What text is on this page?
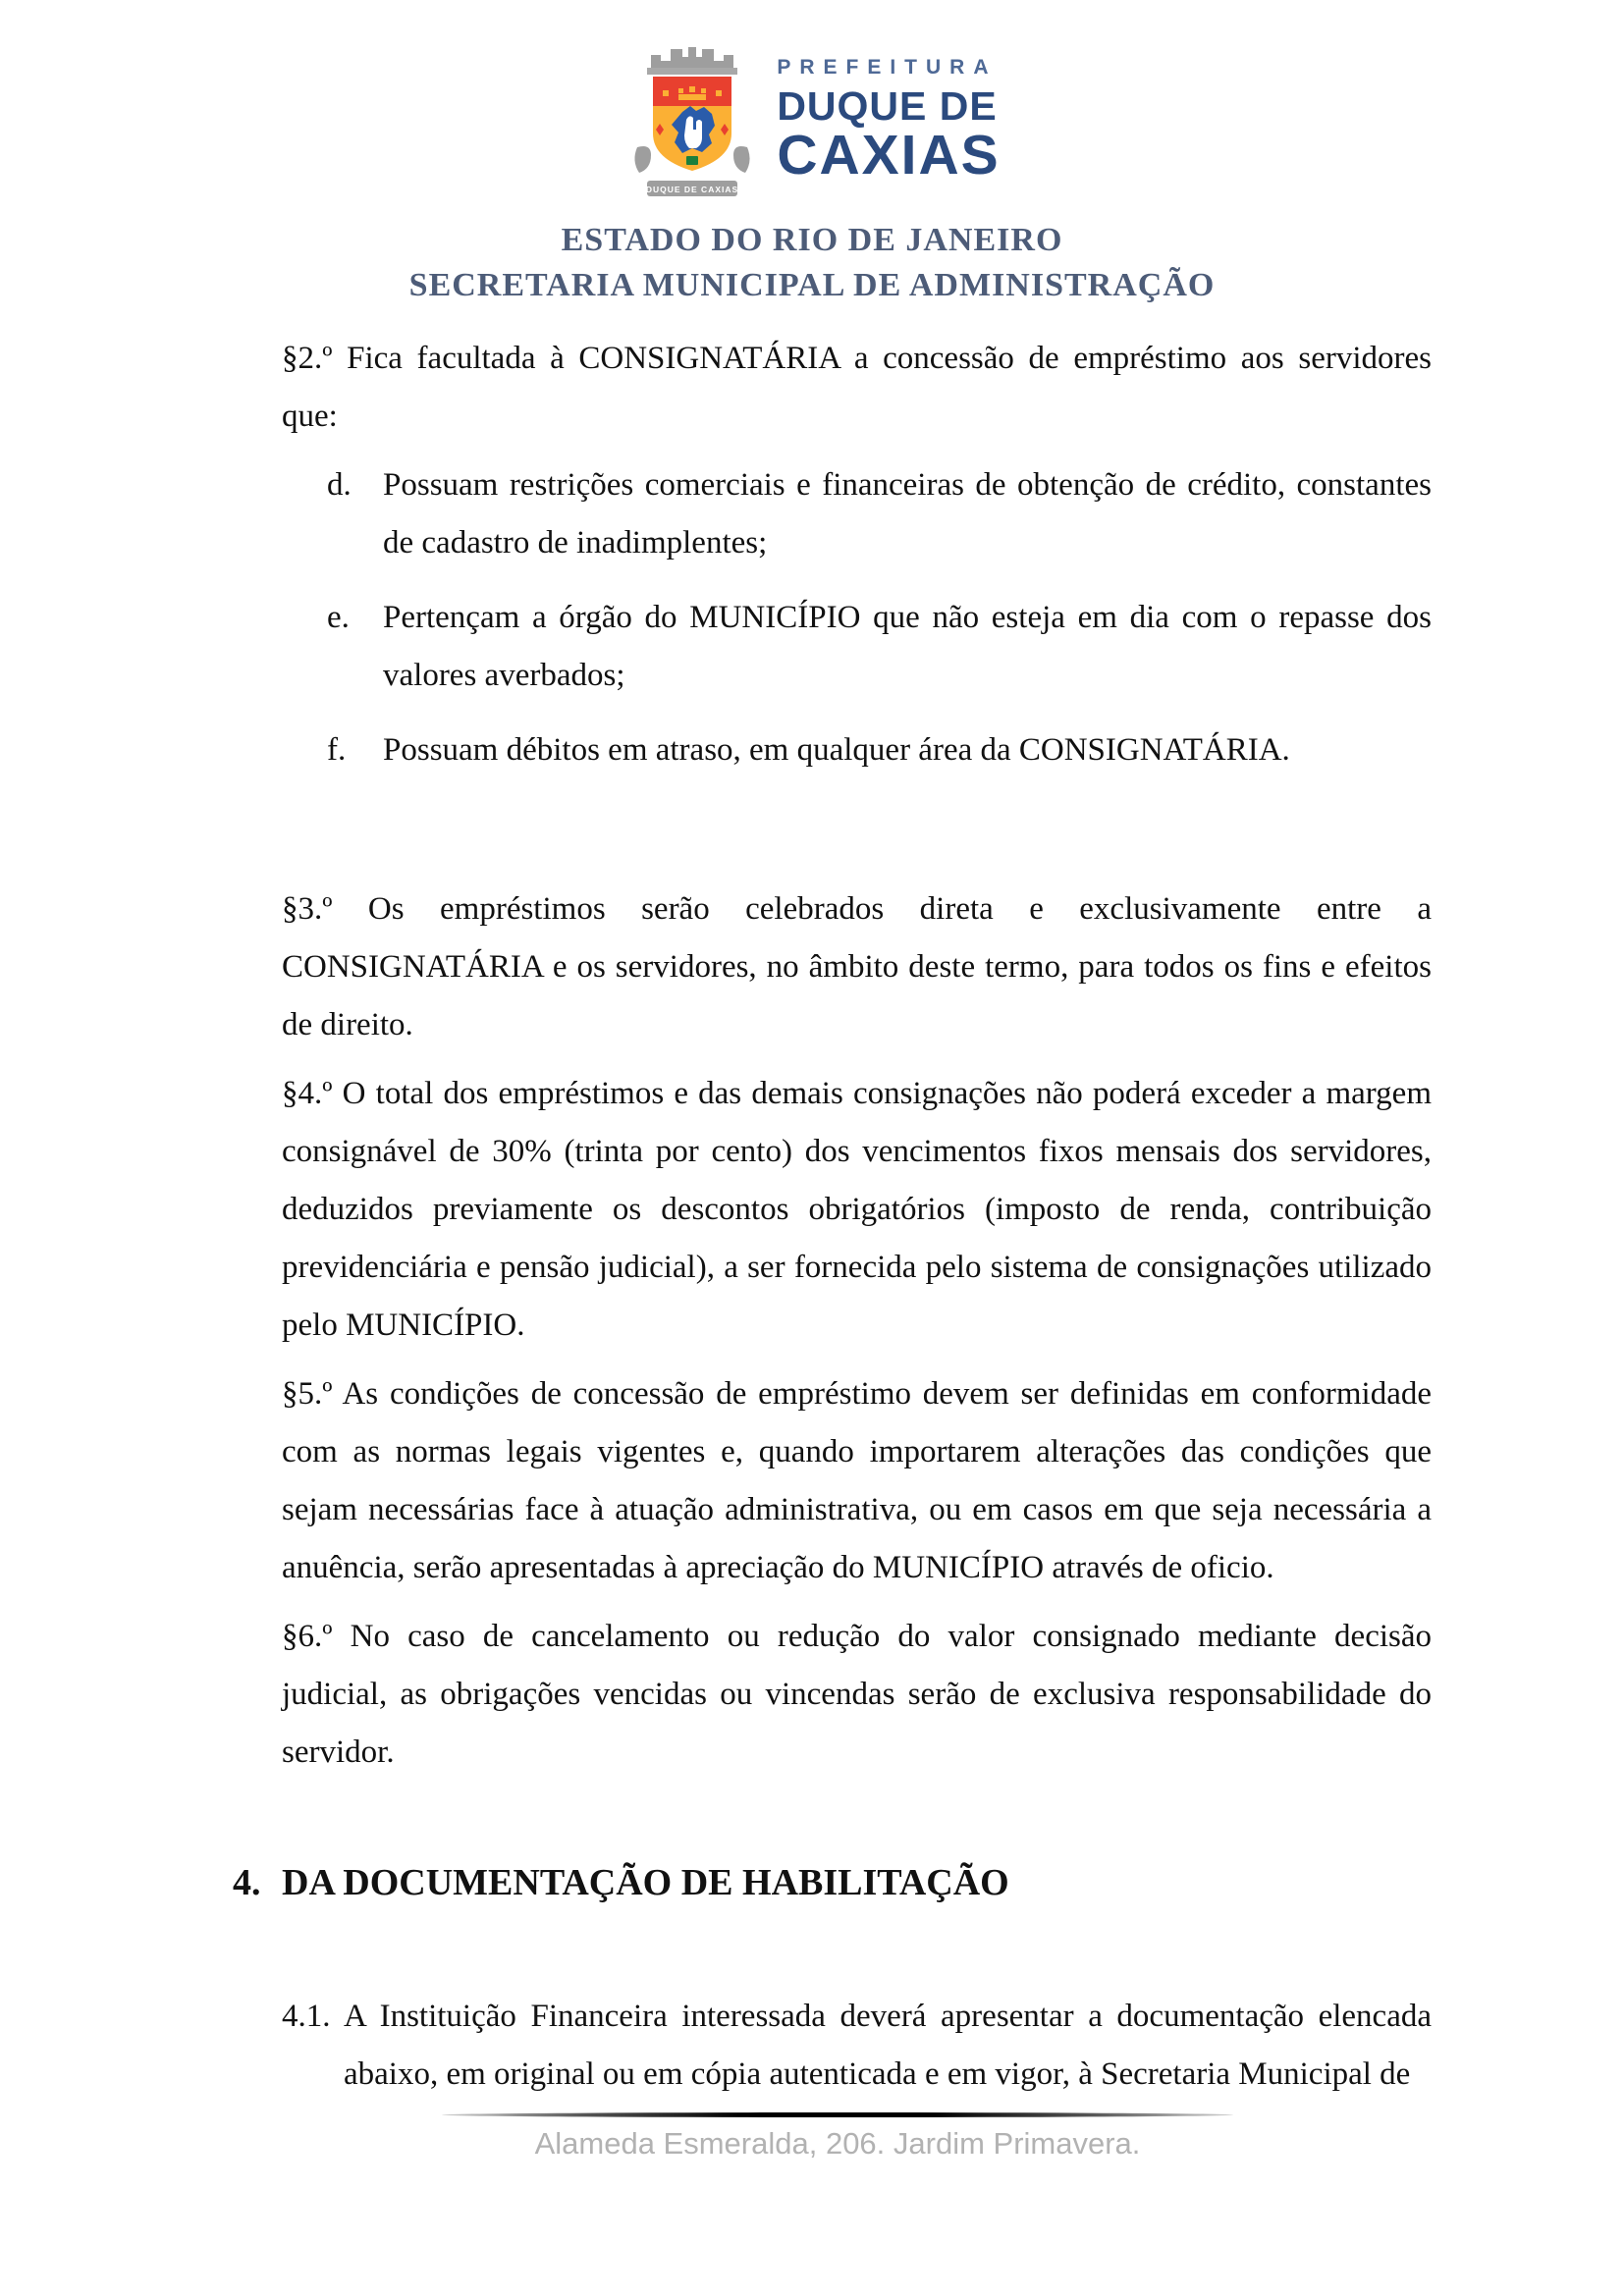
DUQUE DE CAXIAS
PREFEITURA
DUQUE DE
CAXIAS
ESTADO DO RIO DE JANEIRO
SECRETARIA MUNICIPAL DE ADMINISTRAÇÃO

§2.º Fica facultada à CONSIGNATÁRIA a concessão de empréstimo aos servidores que:

d. Possuam restrições comerciais e financeiras de obtenção de crédito, constantes de cadastro de inadimplentes;
e.	Pertençam a órgão do MUNICÍPIO que não esteja em dia com o repasse dos valores averbados;
f.	Possuam débitos em atraso, em qualquer área da CONSIGNATÁRIA.

§3.º Os empréstimos serão celebrados direta e exclusivamente entre a CONSIGNATÁRIA e os servidores, no âmbito deste termo, para todos os fins e efeitos de direito.

§4.º O total dos empréstimos e das demais consignações não poderá exceder a margem consignável de 30% (trinta por cento) dos vencimentos fixos mensais dos servidores, deduzidos previamente os descontos obrigatórios (imposto de renda, contribuição previdenciária e pensão judicial), a ser fornecida pelo sistema de consignações utilizado pelo MUNICÍPIO.

§5.º As condições de concessão de empréstimo devem ser definidas em conformidade com as normas legais vigentes e, quando importarem alterações das condições que sejam necessárias face à atuação administrativa, ou em casos em que seja necessária a anuência, serão apresentadas à apreciação do MUNICÍPIO através de oficio.

§6.º No caso de cancelamento ou redução do valor consignado mediante decisão judicial, as obrigações vencidas ou vincendas serão de exclusiva responsabilidade do servidor.

4. DA DOCUMENTAÇÃO DE HABILITAÇÃO
4.1. A Instituição Financeira interessada deverá apresentar a documentação elencada abaixo, em original ou em cópia autenticada e em vigor, à Secretaria Municipal de
Alameda Esmeralda, 206. Jardim Primavera.
